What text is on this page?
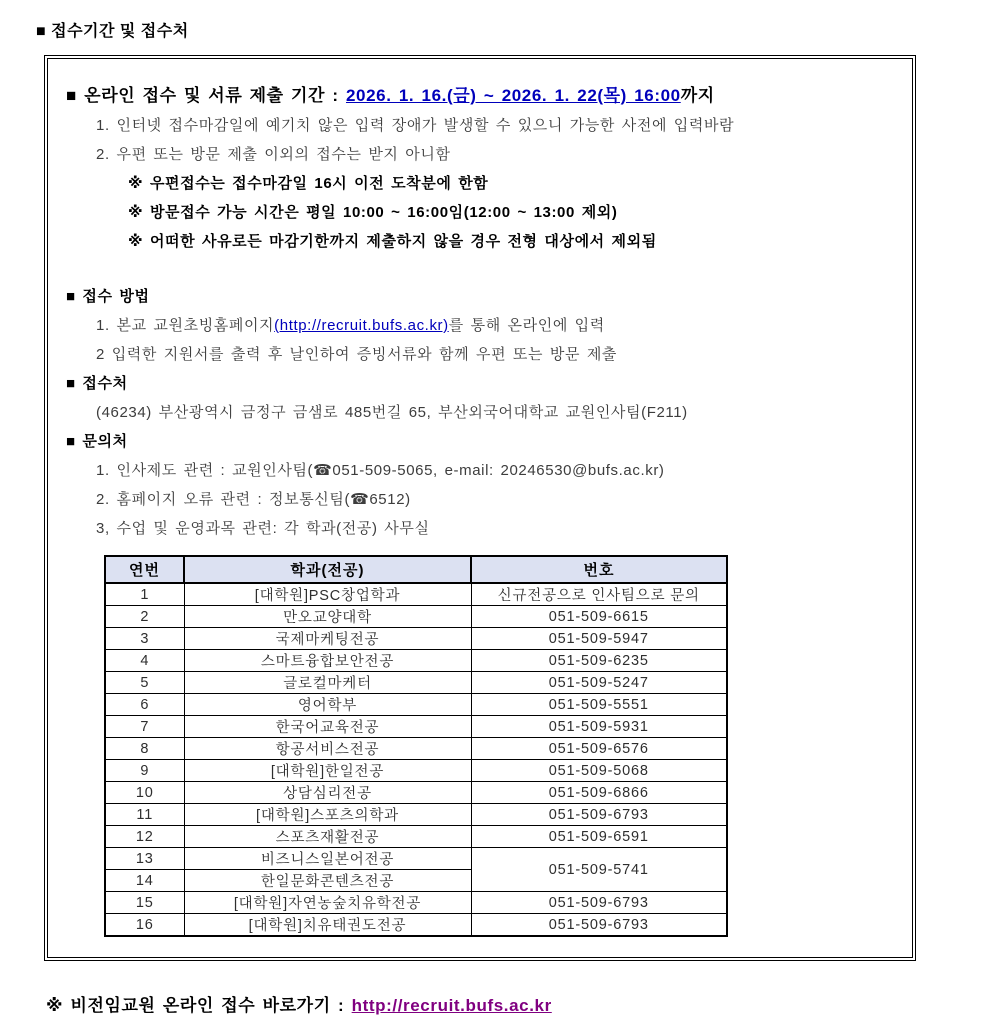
■ 접수기간 및 접수처
■ 온라인 접수 및 서류 제출 기간 : 2026. 1. 16.(금) ~ 2026. 1. 22(목) 16:00까지
1. 인터넷 접수마감일에 예기치 않은 입력 장애가 발생할 수 있으니 가능한 사전에 입력바람
2. 우편 또는 방문 제출 이외의 접수는 받지 아니함
※ 우편접수는 접수마감일 16시 이전 도착분에 한함
※ 방문접수 가능 시간은 평일 10:00 ~ 16:00임(12:00 ~ 13:00 제외)
※ 어떠한 사유로든 마감기한까지 제출하지 않을 경우 전형 대상에서 제외됨
■ 접수 방법
1. 본교 교원초빙홈페이지(http://recruit.bufs.ac.kr)를 통해 온라인에 입력
2 입력한 지원서를 출력 후 날인하여 증빙서류와 함께 우편 또는 방문 제출
■ 접수처
(46234) 부산광역시 금정구 금샘로 485번길 65, 부산외국어대학교 교원인사팀(F211)
■ 문의처
1. 인사제도 관련 : 교원인사팀(☎051-509-5065, e-mail: 20246530@bufs.ac.kr)
2. 홈페이지 오류 관련 : 정보통신팀(☎6512)
3, 수업 및 운영과목 관련: 각 학과(전공) 사무실
연번	학과(전공)	번호
1	[대학원]PSC창업학과	신규전공으로 인사팀으로 문의
2	만오교양대학	051-509-6615
3	국제마케팅전공	051-509-5947
4	스마트융합보안전공	051-509-6235
5	글로컬마케터	051-509-5247
6	영어학부	051-509-5551
7	한국어교육전공	051-509-5931
8	항공서비스전공	051-509-6576
9	[대학원]한일전공	051-509-5068
10	상담심리전공	051-509-6866
11	[대학원]스포츠의학과	051-509-6793
12	스포츠재활전공	051-509-6591
13	비즈니스일본어전공	051-509-5741
14	한일문화콘텐츠전공	
15	[대학원]자연농숲치유학전공	051-509-6793
16	[대학원]치유태권도전공	051-509-6793
※ 비전임교원 온라인 접수 바로가기 : http://recruit.bufs.ac.kr
